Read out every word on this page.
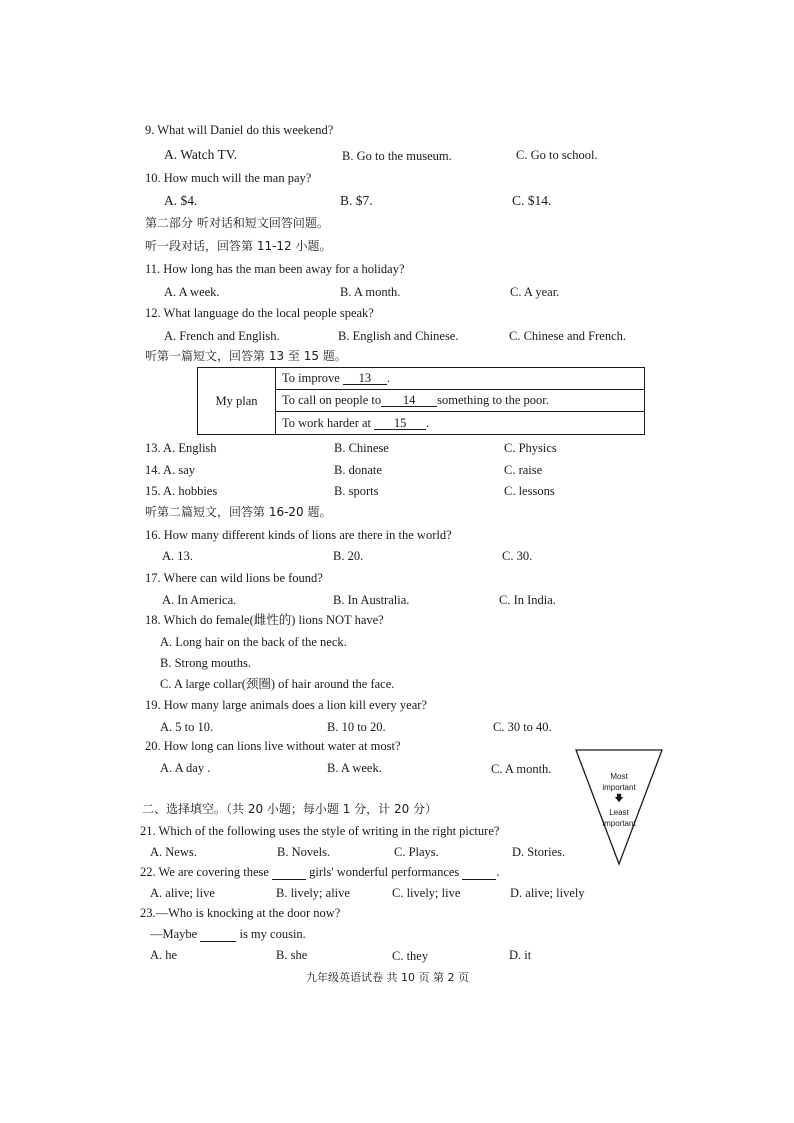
9. What will Daniel do this weekend?
A. Watch TV.	B. Go to the museum.	C. Go to school.
10. How much will the man pay?
A. $4.	B. $7.	C. $14.
第二部分 听对话和短文回答问题。
听一段对话，回答第 11-12 小题。
11. How long has the man been away for a holiday?
A. A week.	B. A month.	C. A year.
12. What language do the local people speak?
A. French and English.	B. English and Chinese.	C. Chinese and French.
听第一篇短文，回答第 13 至 15 题。
My plan
To improve	13	.
To call on people to	14	something to the poor.
To work harder at	15	.
13. A. English	B. Chinese	C. Physics
14. A. say	B. donate	C. raise
15. A. hobbies	B. sports	C. lessons
听第二篇短文，回答第 16-20 题。
16. How many different kinds of lions are there in the world?
A. 13.	B. 20.	C. 30.
17. Where can wild lions be found?
A. In America.	B. In Australia.	C. In India.
18. Which do female(雌性的) lions NOT have?
A. Long hair on the back of the neck.
B. Strong mouths.
C. A large collar(颈圈) of hair around the face.
19. How many large animals does a lion kill every year?
A. 5 to 10.	B. 10 to 20.	C. 30 to 40.
20. How long can lions live without water at most?
A. A day .	B. A week.	C. A month.
Most
important
🡇
Least
important
二、选择填空。（共 20 小题；每小题 1 分，计 20 分）
21. Which of the following uses the style of writing in the right picture?
A. News.	B. Novels.	C. Plays.	D. Stories.
22. We are covering these	girls' wonderful performances	.
A. alive; live	B. lively; alive	C. lively; live	D. alive; lively
23.—Who is knocking at the door now?
—Maybe	is my cousin.
A. he	B. she	C. they	D. it
九年级英语试卷 共 10 页 第 2 页
